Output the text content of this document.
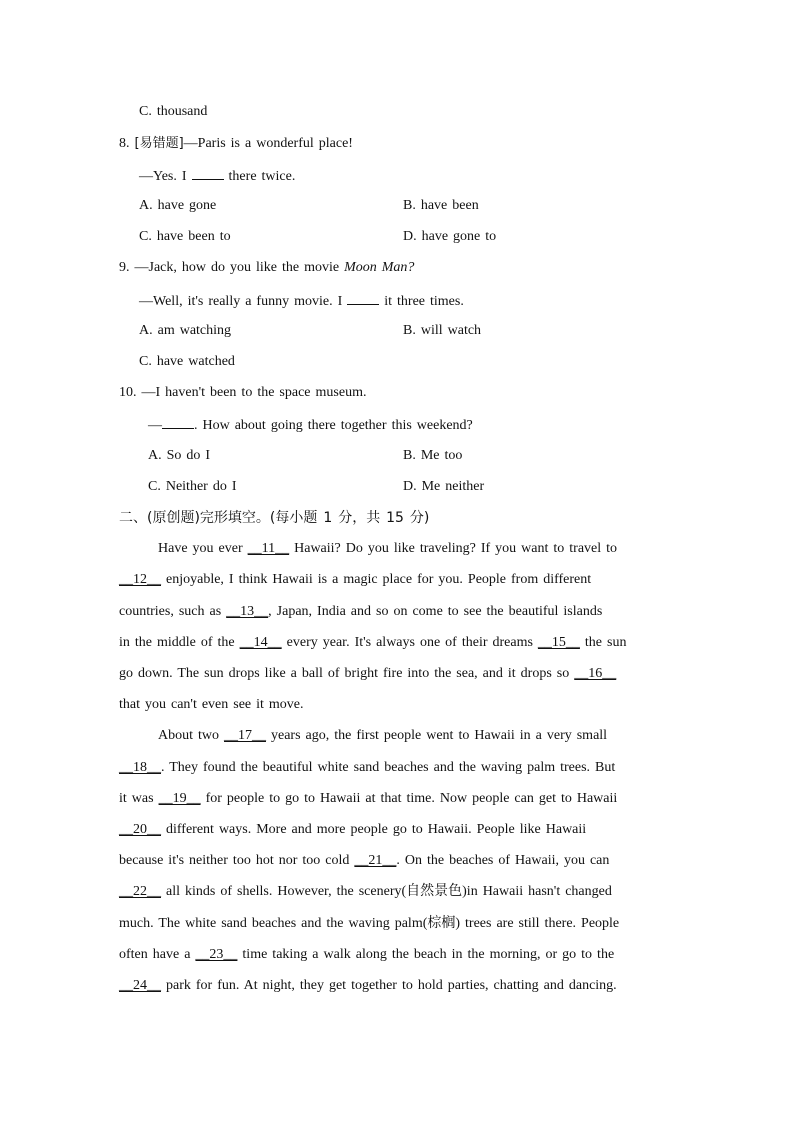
C. thousand
8. [易错题]—Paris is a wonderful place!
—Yes. I  there twice.
A. have gone	B. have been
C. have been to	D. have gone to
9. —Jack, how do you like the movie Moon Man?
—Well, it's really a funny movie. I  it three times.
A. am watching	B. will watch
C. have watched
10. —I haven't been to the space museum.
— . How about going there together this weekend?
A. So do I	B. Me too
C. Neither do I	D. Me neither
二、(原创题)完形填空。(每小题 1 分，共 15 分)
Have you ever __11__ Hawaii? Do you like traveling? If you want to travel to
__12__ enjoyable, I think Hawaii is a magic place for you. People from different
countries, such as __13__, Japan, India and so on come to see the beautiful islands
in the middle of the __14__ every year. It's always one of their dreams __15__ the sun
go down. The sun drops like a ball of bright fire into the sea, and it drops so __16__
that you can't even see it move.
About two __17__ years ago, the first people went to Hawaii in a very small
__18__. They found the beautiful white sand beaches and the waving palm trees. But
it was __19__ for people to go to Hawaii at that time. Now people can get to Hawaii
__20__ different ways. More and more people go to Hawaii. People like Hawaii
because it's neither too hot nor too cold __21__. On the beaches of Hawaii, you can
__22__ all kinds of shells. However, the scenery(自然景色)in Hawaii hasn't changed
much. The white sand beaches and the waving palm(棕榈) trees are still there. People
often have a __23__ time taking a walk along the beach in the morning, or go to the
__24__ park for fun. At night, they get together to hold parties, chatting and dancing.
